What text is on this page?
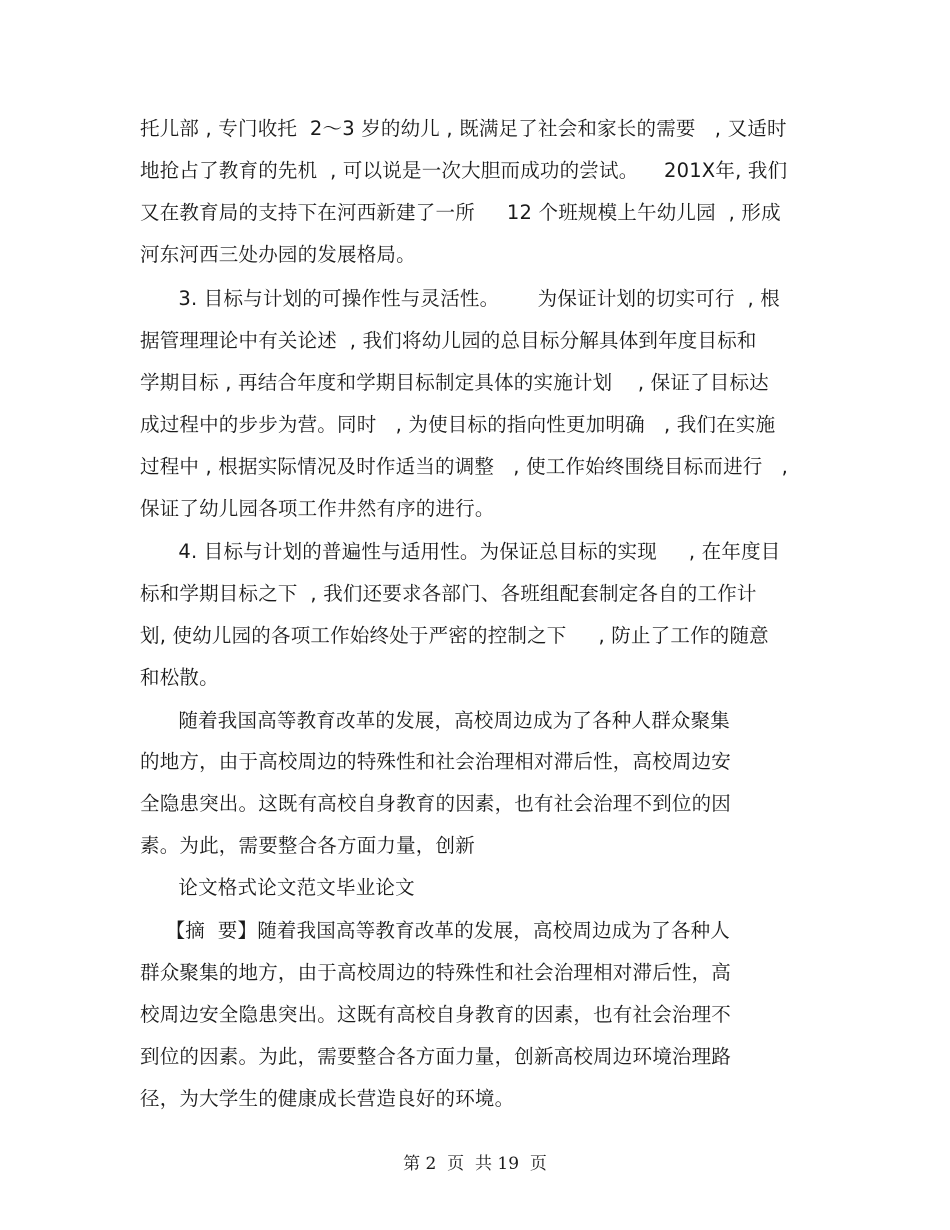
托儿部 , 专门收托  2～3 岁的幼儿 , 既满足了社会和家长的需要   , 又适时
地抢占了教育的先机  , 可以说是一次大胆而成功的尝试。    201X年, 我们
又在教育局的支持下在河西新建了一所     12 个班规模上午幼儿园  , 形成
河东河西三处办园的发展格局。
3. 目标与计划的可操作性与灵活性。      为保证计划的切实可行  , 根
据管理理论中有关论述  , 我们将幼儿园的总目标分解具体到年度目标和
学期目标 , 再结合年度和学期目标制定具体的实施计划    , 保证了目标达
成过程中的步步为营。同时   , 为使目标的指向性更加明确   , 我们在实施
过程中 , 根据实际情况及时作适当的调整   , 使工作始终围绕目标而进行   ,
保证了幼儿园各项工作井然有序的进行。
4. 目标与计划的普遍性与适用性。为保证总目标的实现     , 在年度目
标和学期目标之下  , 我们还要求各部门、各班组配套制定各自的工作计
划, 使幼儿园的各项工作始终处于严密的控制之下     , 防止了工作的随意
和松散。
随着我国高等教育改革的发展，高校周边成为了各种人群众聚集
的地方，由于高校周边的特殊性和社会治理相对滞后性，高校周边安
全隐患突出。这既有高校自身教育的因素，也有社会治理不到位的因
素。为此，需要整合各方面力量，创新
论文格式论文范文毕业论文
【摘  要】随着我国高等教育改革的发展，高校周边成为了各种人
群众聚集的地方，由于高校周边的特殊性和社会治理相对滞后性，高
校周边安全隐患突出。这既有高校自身教育的因素，也有社会治理不
到位的因素。为此，需要整合各方面力量，创新高校周边环境治理路
径，为大学生的健康成长营造良好的环境。
第 2  页  共 19  页
